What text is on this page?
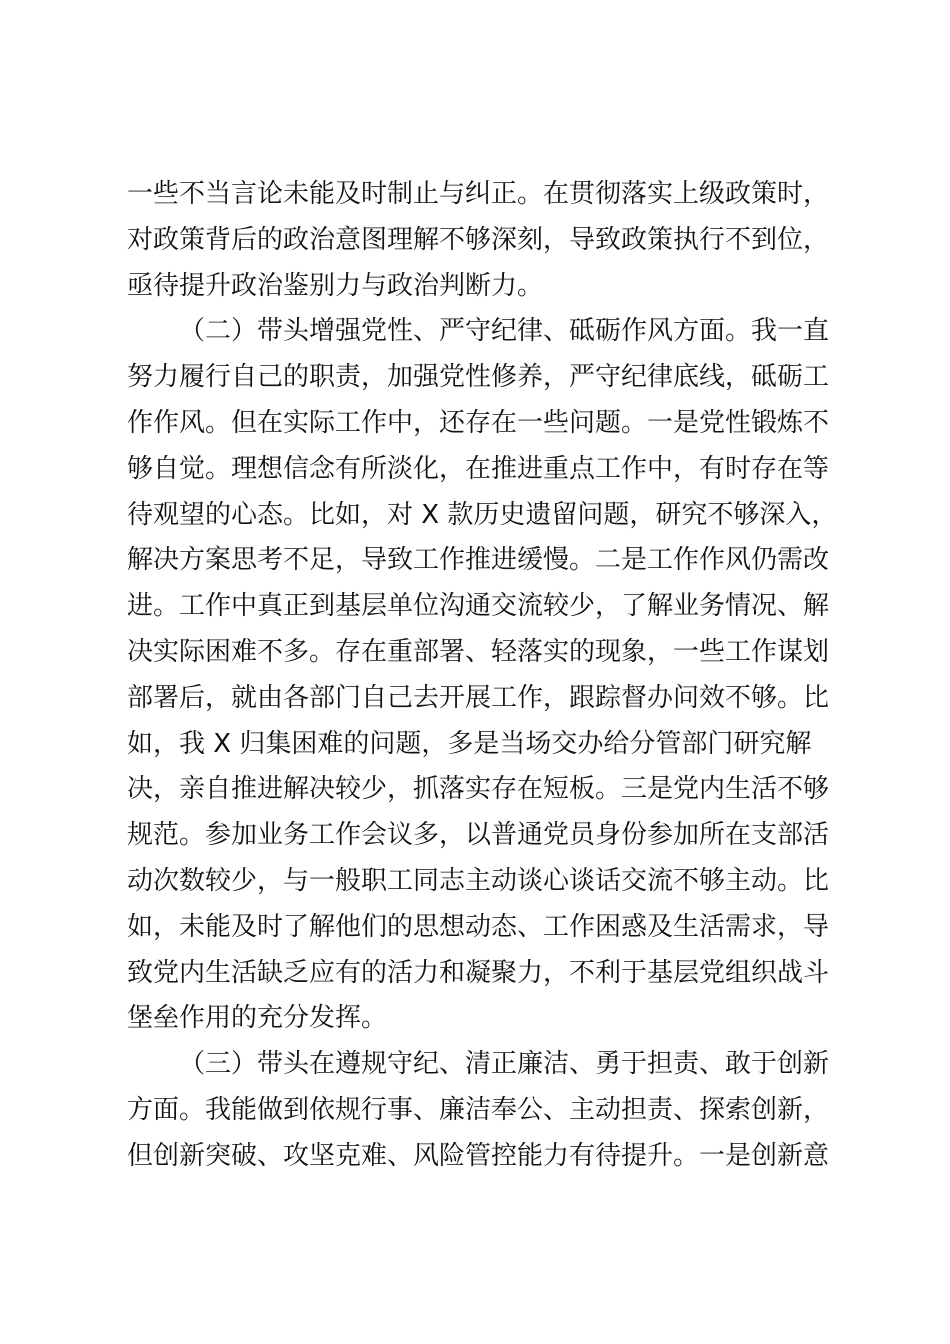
一些不当言论未能及时制止与纠正。在贯彻落实上级政策时，
对政策背后的政治意图理解不够深刻，导致政策执行不到位，
亟待提升政治鉴别力与政治判断力。
（二）带头增强党性、严守纪律、砥砺作风方面。我一直
努力履行自己的职责，加强党性修养，严守纪律底线，砥砺工
作作风。但在实际工作中，还存在一些问题。一是党性锻炼不
够自觉。理想信念有所淡化，在推进重点工作中，有时存在等
待观望的心态。比如，对 X 款历史遗留问题，研究不够深入，
解决方案思考不足，导致工作推进缓慢。二是工作作风仍需改
进。工作中真正到基层单位沟通交流较少，了解业务情况、解
决实际困难不多。存在重部署、轻落实的现象，一些工作谋划
部署后，就由各部门自己去开展工作，跟踪督办问效不够。比
如，我 X 归集困难的问题，多是当场交办给分管部门研究解
决，亲自推进解决较少，抓落实存在短板。三是党内生活不够
规范。参加业务工作会议多，以普通党员身份参加所在支部活
动次数较少，与一般职工同志主动谈心谈话交流不够主动。比
如，未能及时了解他们的思想动态、工作困惑及生活需求，导
致党内生活缺乏应有的活力和凝聚力，不利于基层党组织战斗
堡垒作用的充分发挥。
（三）带头在遵规守纪、清正廉洁、勇于担责、敢于创新
方面。我能做到依规行事、廉洁奉公、主动担责、探索创新，
但创新突破、攻坚克难、风险管控能力有待提升。一是创新意
